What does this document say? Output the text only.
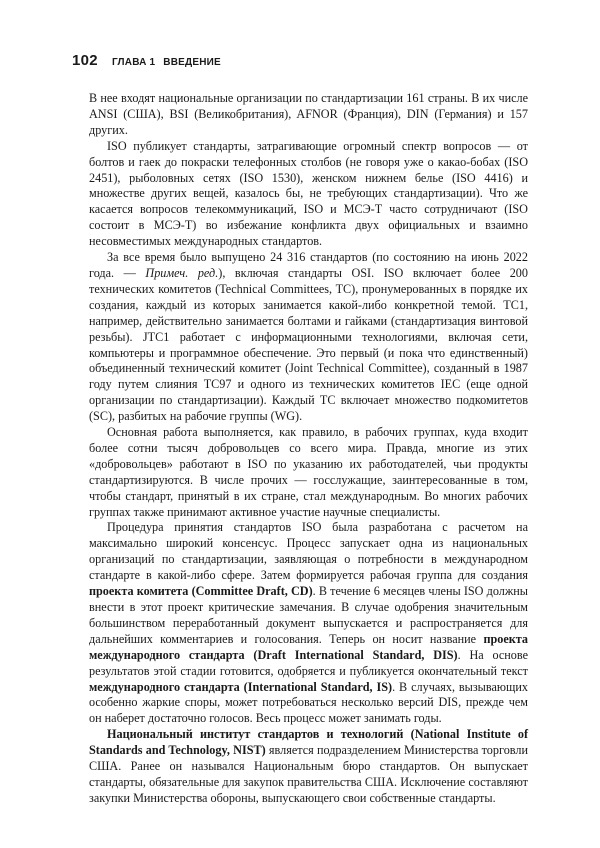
102 ГЛАВА 1 ВВЕДЕНИЕ

В нее входят национальные организации по стандартизации 161 страны. В их числе ANSI (США), BSI (Великобритания), AFNOR (Франция), DIN (Германия) и 157 других.

ISO публикует стандарты, затрагивающие огромный спектр вопросов — от болтов и гаек до покраски телефонных столбов (не говоря уже о какао-бобах (ISO 2451), рыболовных сетях (ISO 1530), женском нижнем белье (ISO 4416) и множестве других вещей, казалось бы, не требующих стандартизации). Что же касается вопросов телекоммуникаций, ISO и МСЭ-Т часто сотрудничают (ISO состоит в МСЭ-Т) во избежание конфликта двух официальных и взаимно несовместимых международных стандартов.

За все время было выпущено 24 316 стандартов (по состоянию на июнь 2022 года. — Примеч. ред.), включая стандарты OSI. ISO включает более 200 технических комитетов (Technical Committees, TC), пронумерованных в порядке их создания, каждый из которых занимается какой-либо конкретной темой. TC1, например, действительно занимается болтами и гайками (стандартизация винтовой резьбы). JTC1 работает с информационными технологиями, включая сети, компьютеры и программное обеспечение. Это первый (и пока что единственный) объединенный технический комитет (Joint Technical Committee), созданный в 1987 году путем слияния TC97 и одного из технических комитетов IEC (еще одной организации по стандартизации). Каждый TC включает множество подкомитетов (SC), разбитых на рабочие группы (WG).

Основная работа выполняется, как правило, в рабочих группах, куда входит более сотни тысяч добровольцев со всего мира. Правда, многие из этих «добровольцев» работают в ISO по указанию их работодателей, чьи продукты стандартизируются. В числе прочих — госслужащие, заинтересованные в том, чтобы стандарт, принятый в их стране, стал международным. Во многих рабочих группах также принимают активное участие научные специалисты.

Процедура принятия стандартов ISO была разработана с расчетом на максимально широкий консенсус. Процесс запускает одна из национальных организаций по стандартизации, заявляющая о потребности в международном стандарте в какой-либо сфере. Затем формируется рабочая группа для создания проекта комитета (Committee Draft, CD). В течение 6 месяцев члены ISO должны внести в этот проект критические замечания. В случае одобрения значительным большинством переработанный документ выпускается и распространяется для дальнейших комментариев и голосования. Теперь он носит название проекта международного стандарта (Draft International Standard, DIS). На основе результатов этой стадии готовится, одобряется и публикуется окончательный текст международного стандарта (International Standard, IS). В случаях, вызывающих особенно жаркие споры, может потребоваться несколько версий DIS, прежде чем он наберет достаточно голосов. Весь процесс может занимать годы.

Национальный институт стандартов и технологий (National Institute of Standards and Technology, NIST) является подразделением Министерства торговли США. Ранее он назывался Национальным бюро стандартов. Он выпускает стандарты, обязательные для закупок правительства США. Исключение составляют закупки Министерства обороны, выпускающего свои собственные стандарты.
